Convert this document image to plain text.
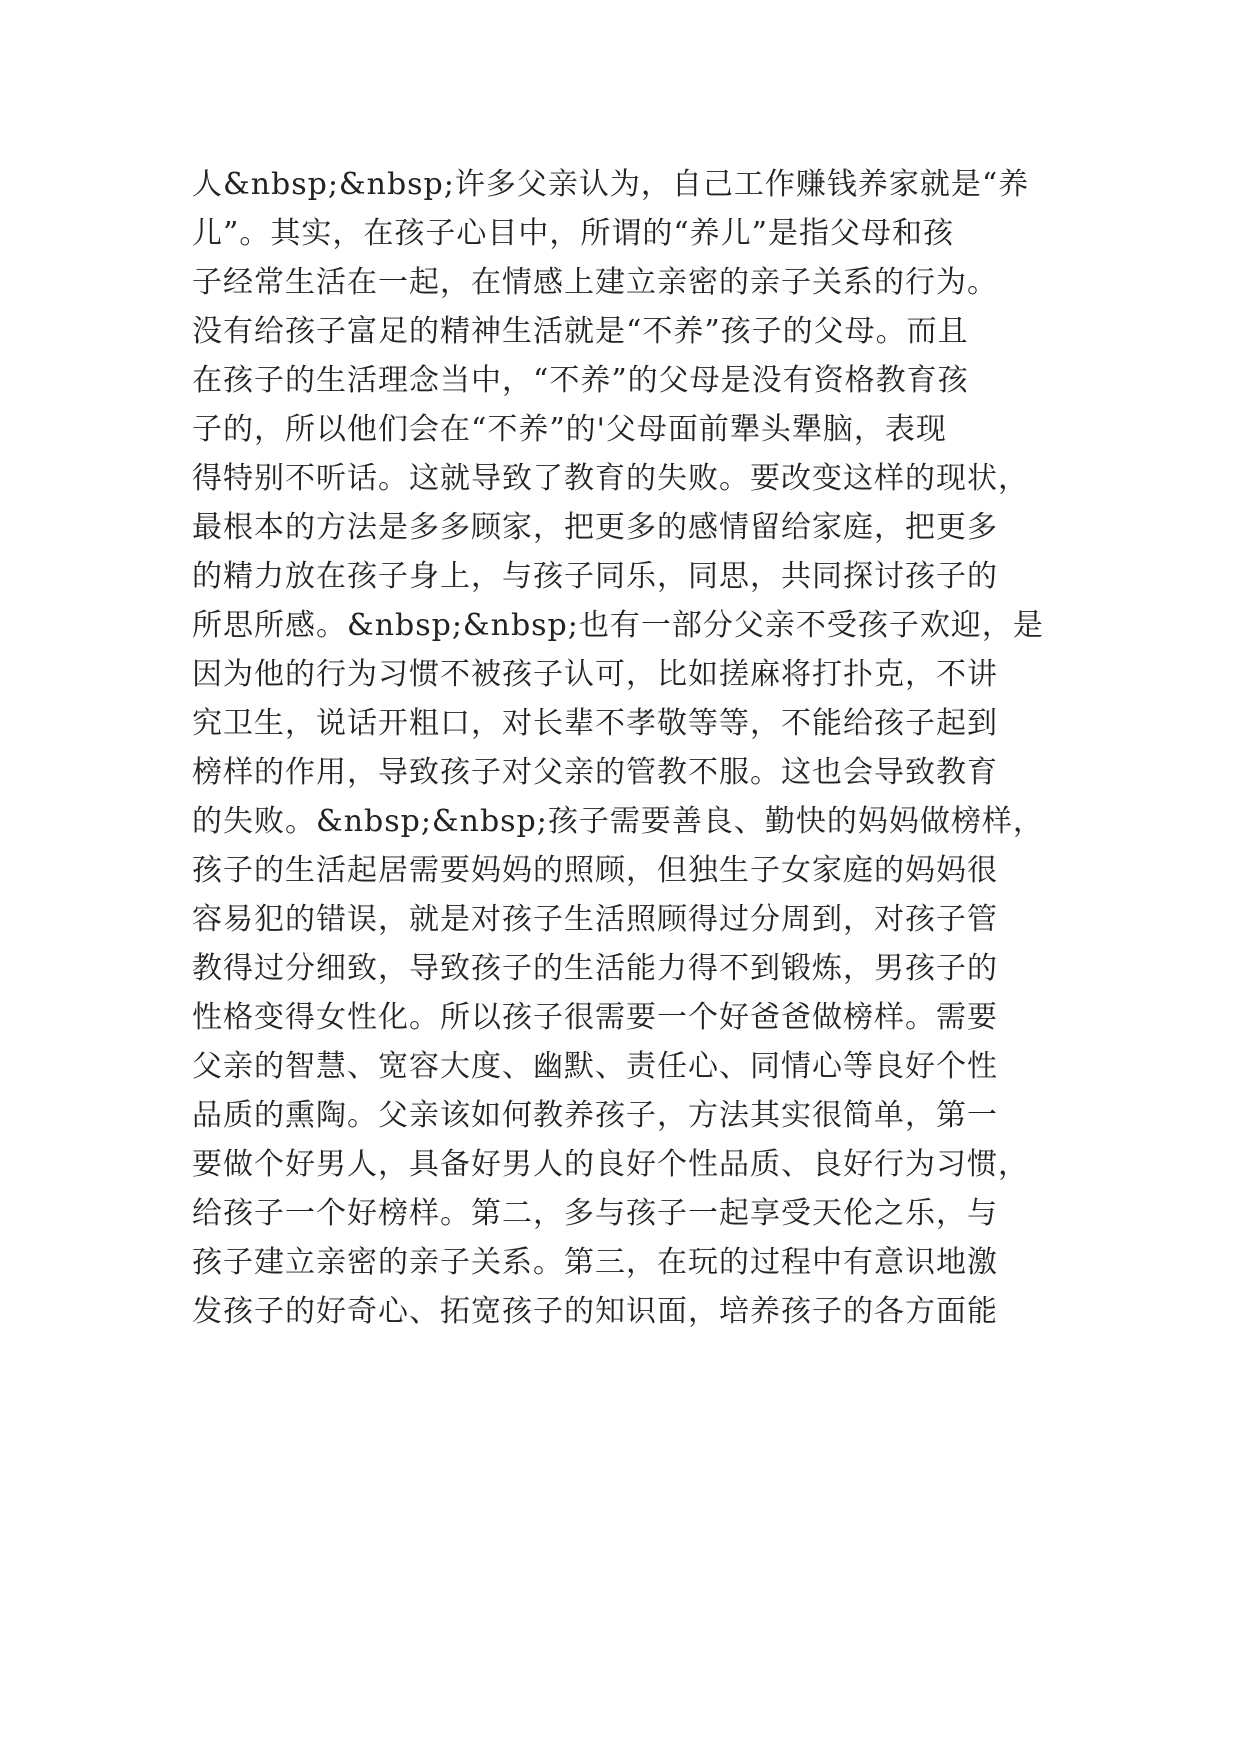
人&nbsp;&nbsp;许多父亲认为，自己工作赚钱养家就是“养
儿”。其实，在孩子心目中，所谓的“养儿”是指父母和孩
子经常生活在一起，在情感上建立亲密的亲子关系的行为。
没有给孩子富足的精神生活就是“不养”孩子的父母。而且
在孩子的生活理念当中，“不养”的父母是没有资格教育孩
子的，所以他们会在“不养”的'父母面前犟头犟脑，表现
得特别不听话。这就导致了教育的失败。要改变这样的现状，
最根本的方法是多多顾家，把更多的感情留给家庭，把更多
的精力放在孩子身上，与孩子同乐，同思，共同探讨孩子的
所思所感。&nbsp;&nbsp;也有一部分父亲不受孩子欢迎，是
因为他的行为习惯不被孩子认可，比如搓麻将打扑克，不讲
究卫生，说话开粗口，对长辈不孝敬等等，不能给孩子起到
榜样的作用，导致孩子对父亲的管教不服。这也会导致教育
的失败。&nbsp;&nbsp;孩子需要善良、勤快的妈妈做榜样，
孩子的生活起居需要妈妈的照顾，但独生子女家庭的妈妈很
容易犯的错误，就是对孩子生活照顾得过分周到，对孩子管
教得过分细致，导致孩子的生活能力得不到锻炼，男孩子的
性格变得女性化。所以孩子很需要一个好爸爸做榜样。需要
父亲的智慧、宽容大度、幽默、责任心、同情心等良好个性
品质的熏陶。父亲该如何教养孩子，方法其实很简单，第一
要做个好男人，具备好男人的良好个性品质、良好行为习惯，
给孩子一个好榜样。第二，多与孩子一起享受天伦之乐，与
孩子建立亲密的亲子关系。第三，在玩的过程中有意识地激
发孩子的好奇心、拓宽孩子的知识面，培养孩子的各方面能
